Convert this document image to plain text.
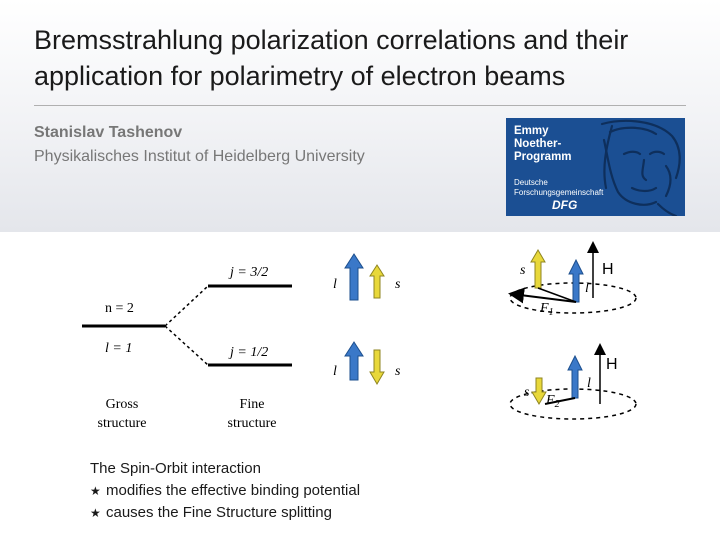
Bremsstrahlung polarization correlations and their application for polarimetry of electron beams
Stanislav Tashenov
Physikalisches Institut of Heidelberg University
Emmy
Noether-
Programm
Deutsche
Forschungsgemeinschaft
DFG
n = 2
l = 1
j = 3/2
j = 1/2
Gross
structure
Fine
structure
l	s
l	s
s	H
l
$F_1$
s
H
l
$F_2$
The Spin-Orbit interaction
★ modifies the effective binding potential
★ causes the Fine Structure splitting
